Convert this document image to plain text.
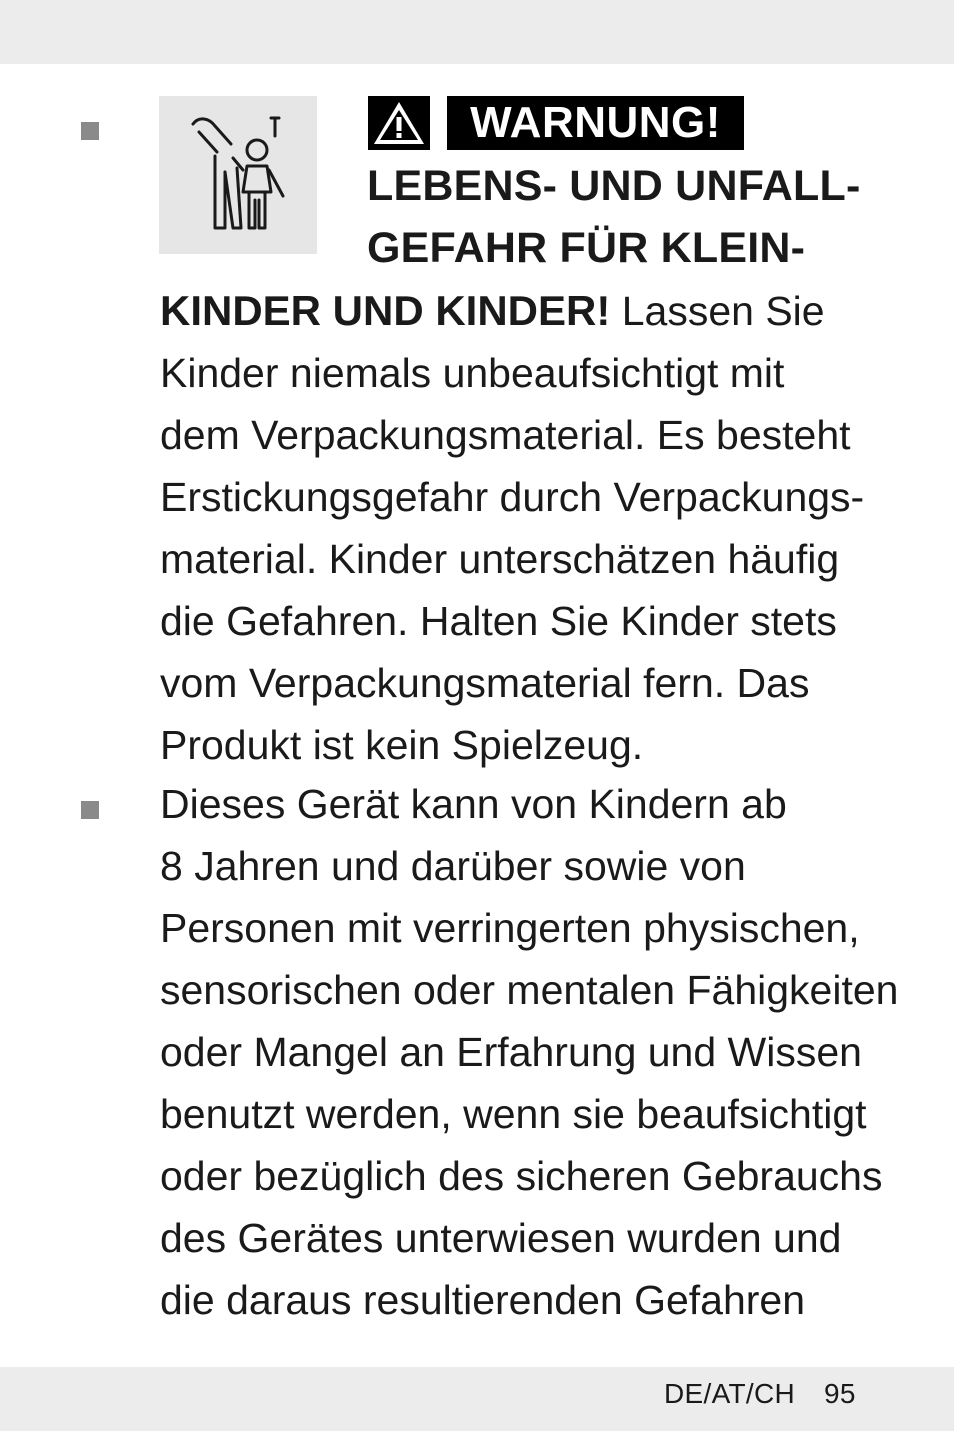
WARNUNG!
LEBENS- UND UNFALL-
GEFAHR FÜR KLEIN-
KINDER UND KINDER! Lassen Sie
Kinder niemals unbeaufsichtigt mit
dem Verpackungsmaterial. Es besteht
Erstickungsgefahr durch Verpackungs-
material. Kinder unterschätzen häufig
die Gefahren. Halten Sie Kinder stets
vom Verpackungsmaterial fern. Das
Produkt ist kein Spielzeug.
Dieses Gerät kann von Kindern ab
8 Jahren und darüber sowie von
Personen mit verringerten physischen,
sensorischen oder mentalen Fähigkeiten
oder Mangel an Erfahrung und Wissen
benutzt werden, wenn sie beaufsichtigt
oder bezüglich des sicheren Gebrauchs
des Gerätes unterwiesen wurden und
die daraus resultierenden Gefahren
DE/AT/CH 95
